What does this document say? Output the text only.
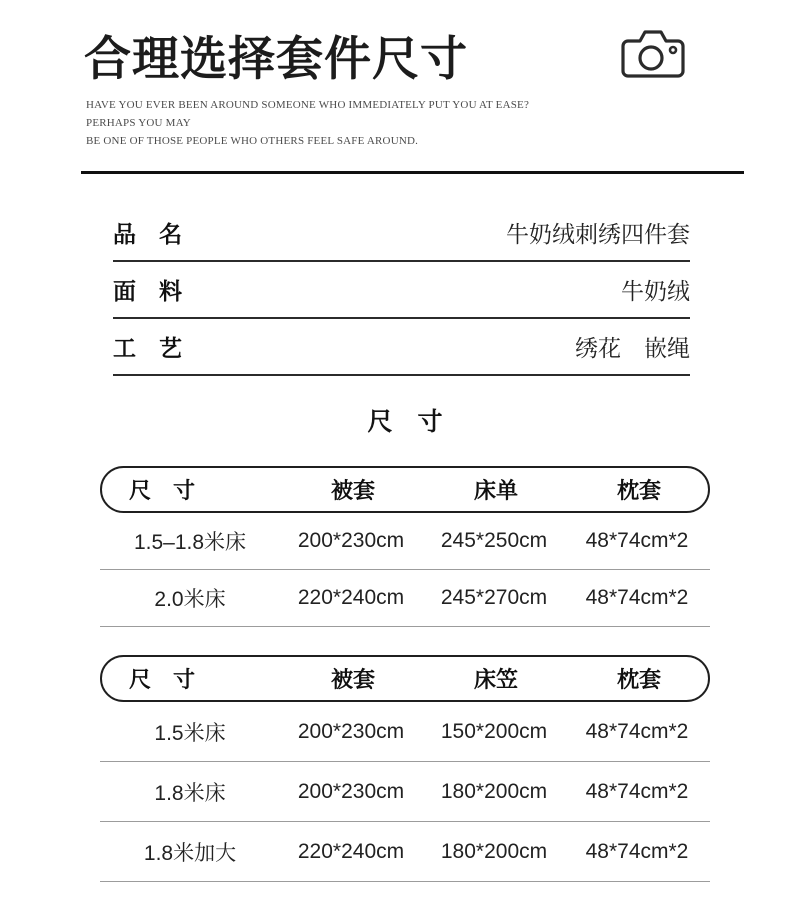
合理选择套件尺寸
HAVE YOU EVER BEEN AROUND SOMEONE WHO IMMEDIATELY PUT YOU AT EASE? PERHAPS YOU MAY
BE ONE OF THOSE PEOPLE WHO OTHERS FEEL SAFE AROUND.
品　名	牛奶绒刺绣四件套
面　料	牛奶绒
工　艺	绣花　嵌绳
尺　寸
尺　寸	被套	床单	枕套
1.5–1.8米床	200*230cm	245*250cm	48*74cm*2
2.0米床	220*240cm	245*270cm	48*74cm*2
尺　寸	被套	床笠	枕套
1.5米床	200*230cm	150*200cm	48*74cm*2
1.8米床	200*230cm	180*200cm	48*74cm*2
1.8米加大	220*240cm	180*200cm	48*74cm*2
